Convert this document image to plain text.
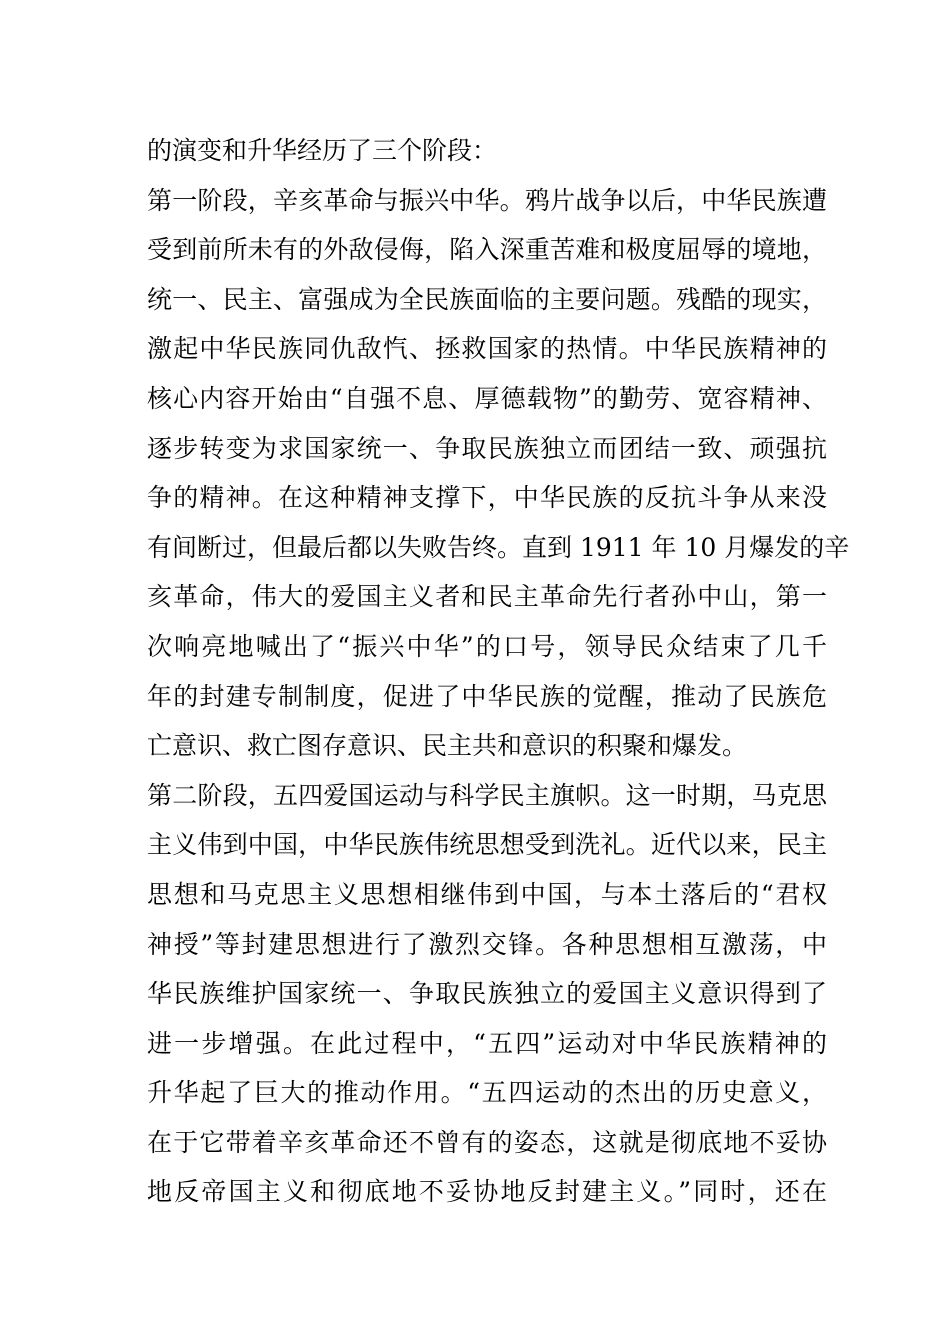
的演变和升华经历了三个阶段：
第一阶段，辛亥革命与振兴中华。鸦片战争以后，中华民族遭
受到前所未有的外敌侵侮，陷入深重苦难和极度屈辱的境地，
统一、民主、富强成为全民族面临的主要问题。残酷的现实，
激起中华民族同仇敌忾、拯救国家的热情。中华民族精神的
核心内容开始由“自强不息、厚德载物”的勤劳、宽容精神、
逐步转变为求国家统一、争取民族独立而团结一致、顽强抗
争的精神。在这种精神支撑下，中华民族的反抗斗争从来没
有间断过，但最后都以失败告终。直到 1911 年 10 月爆发的辛
亥革命，伟大的爱国主义者和民主革命先行者孙中山，第一
次响亮地喊出了“振兴中华”的口号，领导民众结束了几千
年的封建专制制度，促进了中华民族的觉醒，推动了民族危
亡意识、救亡图存意识、民主共和意识的积聚和爆发。
第二阶段，五四爱国运动与科学民主旗帜。这一时期，马克思
主义伟到中国，中华民族伟统思想受到洗礼。近代以来，民主
思想和马克思主义思想相继伟到中国，与本土落后的“君权
神授”等封建思想进行了激烈交锋。各种思想相互激荡，中
华民族维护国家统一、争取民族独立的爱国主义意识得到了
进一步增强。在此过程中，“五四”运动对中华民族精神的
升华起了巨大的推动作用。“五四运动的杰出的历史意义，
在于它带着辛亥革命还不曾有的姿态，这就是彻底地不妥协
地反帝国主义和彻底地不妥协地反封建主义。”同时，还在
